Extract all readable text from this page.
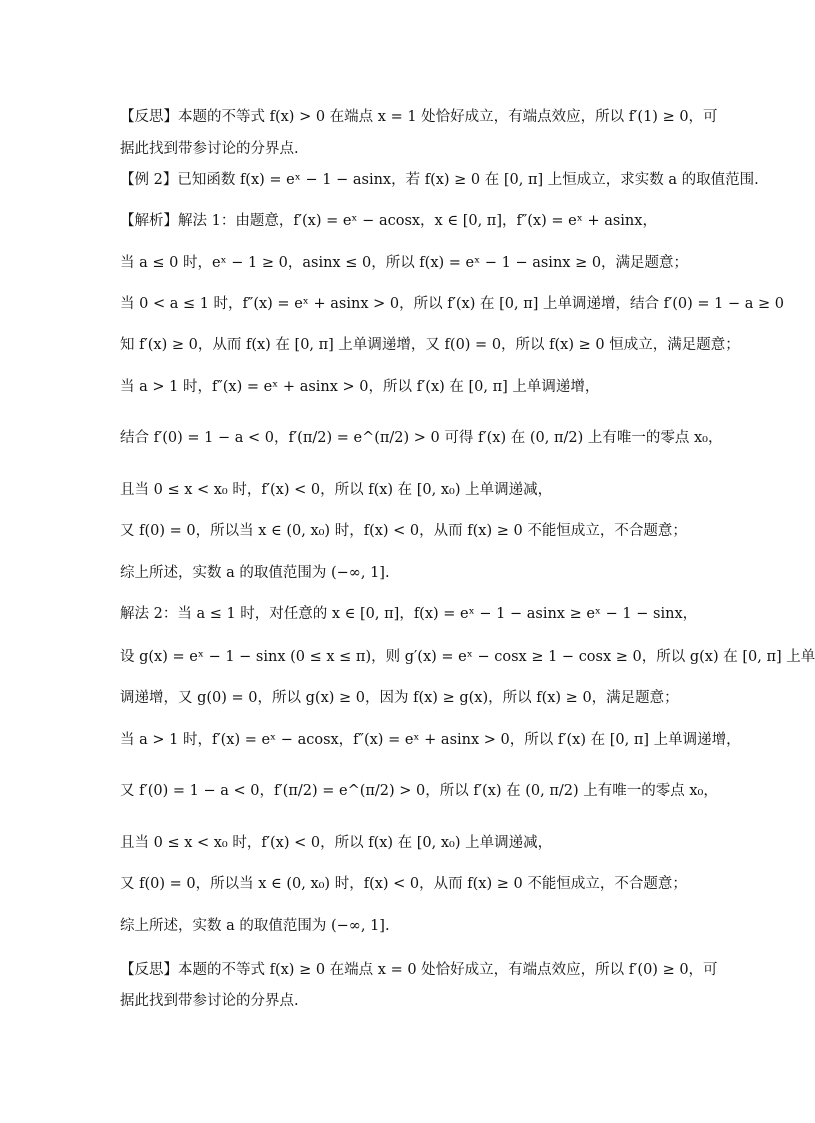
【反思】本题的不等式 f(x) > 0 在端点 x = 1 处恰好成立，有端点效应，所以 f′(1) ≥ 0，可
据此找到带参讨论的分界点.
【例 2】已知函数 f(x) = eˣ − 1 − asinx，若 f(x) ≥ 0 在 [0, π] 上恒成立，求实数 a 的取值范围.
【解析】解法 1：由题意，f′(x) = eˣ − acosx，x ∈ [0, π]，f″(x) = eˣ + asinx，
当 a ≤ 0 时，eˣ − 1 ≥ 0，asinx ≤ 0，所以 f(x) = eˣ − 1 − asinx ≥ 0，满足题意；
当 0 < a ≤ 1 时，f″(x) = eˣ + asinx > 0，所以 f′(x) 在 [0, π] 上单调递增，结合 f′(0) = 1 − a ≥ 0
知 f′(x) ≥ 0，从而 f(x) 在 [0, π] 上单调递增，又 f(0) = 0，所以 f(x) ≥ 0 恒成立，满足题意；
当 a > 1 时，f″(x) = eˣ + asinx > 0，所以 f′(x) 在 [0, π] 上单调递增，
结合 f′(0) = 1 − a < 0，f′(π/2) = e^(π/2) > 0 可得 f′(x) 在 (0, π/2) 上有唯一的零点 x₀，
且当 0 ≤ x < x₀ 时，f′(x) < 0，所以 f(x) 在 [0, x₀) 上单调递减，
又 f(0) = 0，所以当 x ∈ (0, x₀) 时，f(x) < 0，从而 f(x) ≥ 0 不能恒成立，不合题意；
综上所述，实数 a 的取值范围为 (−∞, 1].
解法 2：当 a ≤ 1 时，对任意的 x ∈ [0, π]，f(x) = eˣ − 1 − asinx ≥ eˣ − 1 − sinx，
设 g(x) = eˣ − 1 − sinx (0 ≤ x ≤ π)，则 g′(x) = eˣ − cosx ≥ 1 − cosx ≥ 0，所以 g(x) 在 [0, π] 上单
调递增，又 g(0) = 0，所以 g(x) ≥ 0，因为 f(x) ≥ g(x)，所以 f(x) ≥ 0，满足题意；
当 a > 1 时，f′(x) = eˣ − acosx，f″(x) = eˣ + asinx > 0，所以 f′(x) 在 [0, π] 上单调递增，
又 f′(0) = 1 − a < 0，f′(π/2) = e^(π/2) > 0，所以 f′(x) 在 (0, π/2) 上有唯一的零点 x₀，
且当 0 ≤ x < x₀ 时，f′(x) < 0，所以 f(x) 在 [0, x₀) 上单调递减，
又 f(0) = 0，所以当 x ∈ (0, x₀) 时，f(x) < 0，从而 f(x) ≥ 0 不能恒成立，不合题意；
综上所述，实数 a 的取值范围为 (−∞, 1].
【反思】本题的不等式 f(x) ≥ 0 在端点 x = 0 处恰好成立，有端点效应，所以 f′(0) ≥ 0，可
据此找到带参讨论的分界点.
